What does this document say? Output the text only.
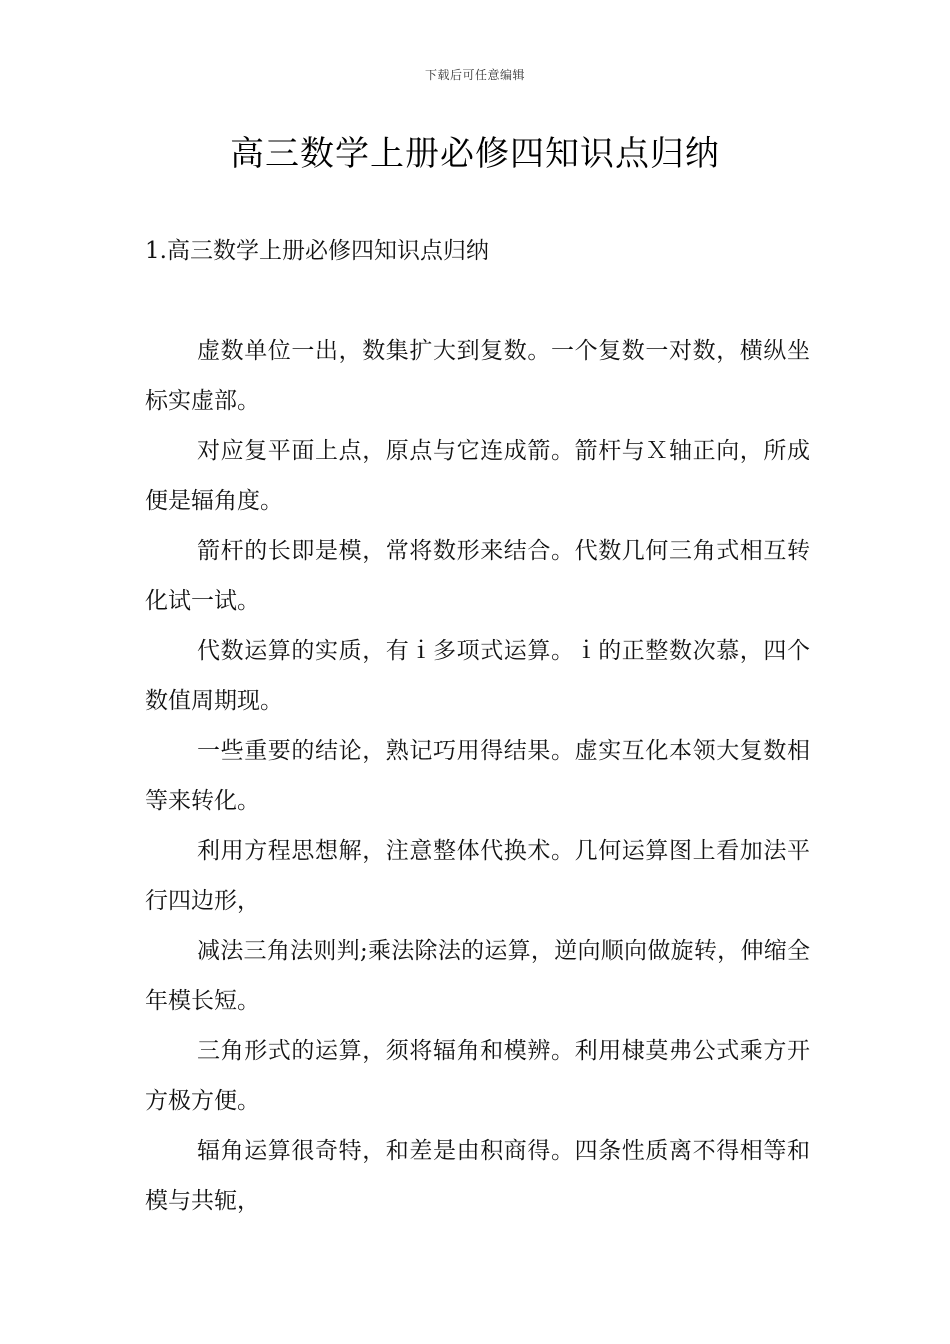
下载后可任意编辑
高三数学上册必修四知识点归纳
1.高三数学上册必修四知识点归纳

虚数单位一出，数集扩大到复数。一个复数一对数，横纵坐标实虚部。

对应复平面上点，原点与它连成箭。箭杆与Ｘ轴正向，所成便是辐角度。

箭杆的长即是模，常将数形来结合。代数几何三角式相互转化试一试。

代数运算的实质，有ｉ多项式运算。ｉ的正整数次慕，四个数值周期现。

一些重要的结论，熟记巧用得结果。虚实互化本领大复数相等来转化。

利用方程思想解，注意整体代换术。几何运算图上看加法平行四边形，

减法三角法则判;乘法除法的运算，逆向顺向做旋转，伸缩全年模长短。

三角形式的运算，须将辐角和模辨。利用棣莫弗公式乘方开方极方便。

辐角运算很奇特，和差是由积商得。四条性质离不得相等和模与共轭，
